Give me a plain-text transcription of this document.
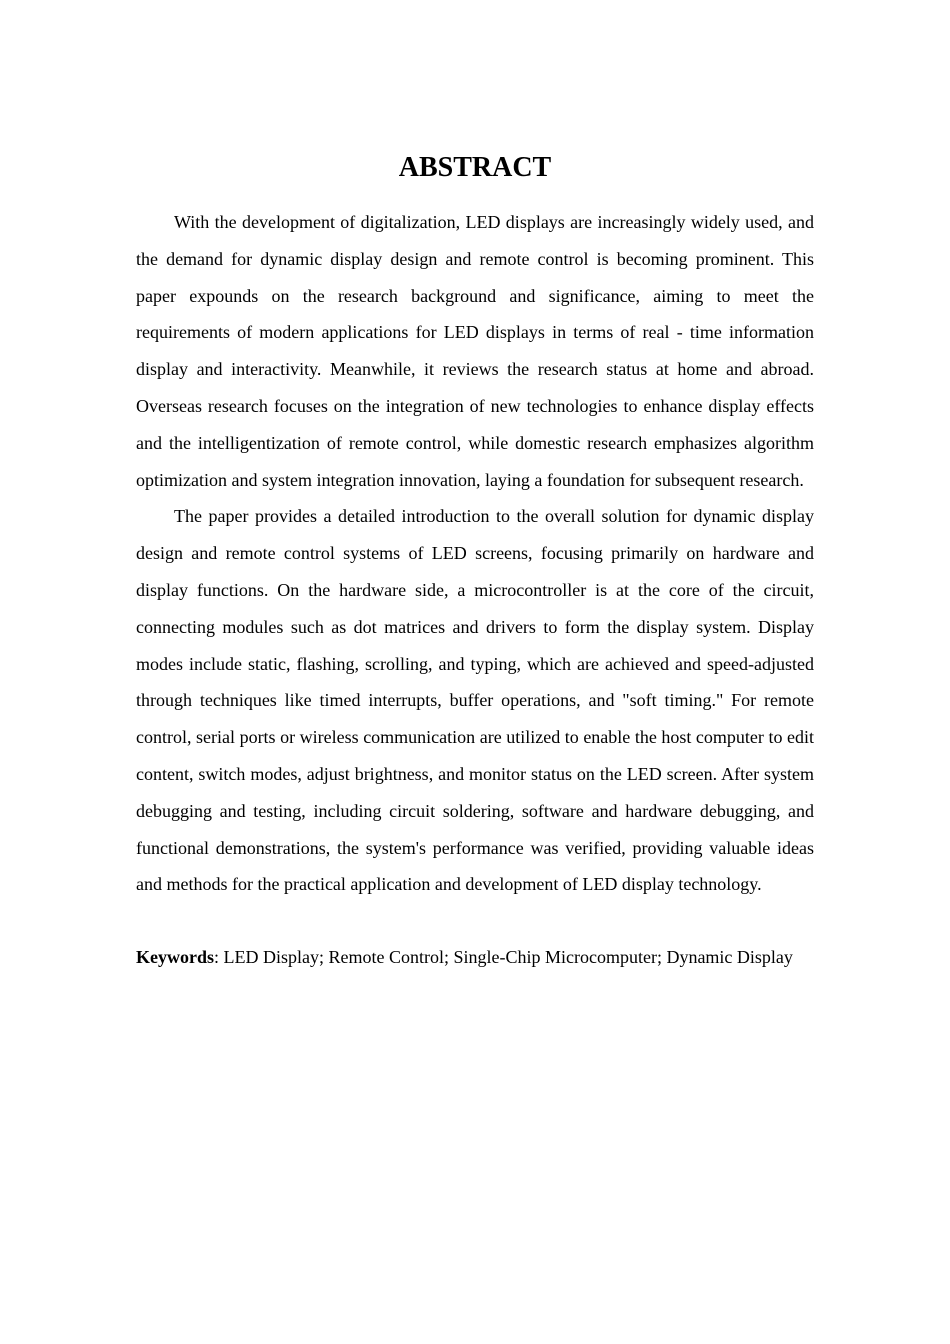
ABSTRACT

With the development of digitalization, LED displays are increasingly widely used, and the demand for dynamic display design and remote control is becoming prominent. This paper expounds on the research background and significance, aiming to meet the requirements of modern applications for LED displays in terms of real - time information display and interactivity. Meanwhile, it reviews the research status at home and abroad. Overseas research focuses on the integration of new technologies to enhance display effects and the intelligentization of remote control, while domestic research emphasizes algorithm optimization and system integration innovation, laying a foundation for subsequent research.

The paper provides a detailed introduction to the overall solution for dynamic display design and remote control systems of LED screens, focusing primarily on hardware and display functions. On the hardware side, a microcontroller is at the core of the circuit, connecting modules such as dot matrices and drivers to form the display system. Display modes include static, flashing, scrolling, and typing, which are achieved and speed-adjusted through techniques like timed interrupts, buffer operations, and "soft timing." For remote control, serial ports or wireless communication are utilized to enable the host computer to edit content, switch modes, adjust brightness, and monitor status on the LED screen. After system debugging and testing, including circuit soldering, software and hardware debugging, and functional demonstrations, the system's performance was verified, providing valuable ideas and methods for the practical application and development of LED display technology.

Keywords: LED Display; Remote Control; Single-Chip Microcomputer; Dynamic Display
